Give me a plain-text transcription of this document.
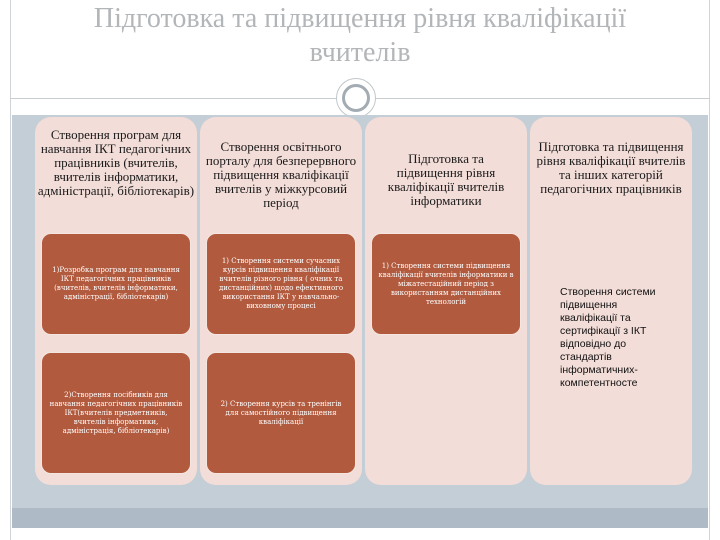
Підготовка та підвищення рівня кваліфікації
вчителів
Створення програм для навчання ІКТ педагогічних працівників (вчителів, вчителів інформатики, адміністрації, бібліотекарів)
1)Розробка програм для навчання ІКТ педагогічних працівників (вчителів, вчителів інформатики, адміністрації, бібліотекарів)
2)Створення посібників для навчання педагогічних працівників ІКТ(вчителів предметників, вчителів інформатики, адміністрація, бібліотекарів)
Створення освітнього порталу для безперервного підвищення кваліфікації вчителів у міжкурсовий період
1) Створення системи сучасних курсів підвищення кваліфікації вчителів різного рівня ( очних та дистанційних) щодо ефективного використання ІКТ у навчально-виховному процесі
2) Створення курсів та тренінгів для самостійного підвищення кваліфікації
Підготовка та підвищення рівня кваліфікації вчителів інформатики
1) Створення системи підвищення кваліфікації вчителів інформатики в міжатестаційний період з використанням дистанційних технологій
Підготовка та підвищення рівня кваліфікації вчителів та інших категорій педагогічних працівників
Створення системи підвищення кваліфікації та сертифікації з ІКТ відповідно до стандартів інформатичних-компетентносте
